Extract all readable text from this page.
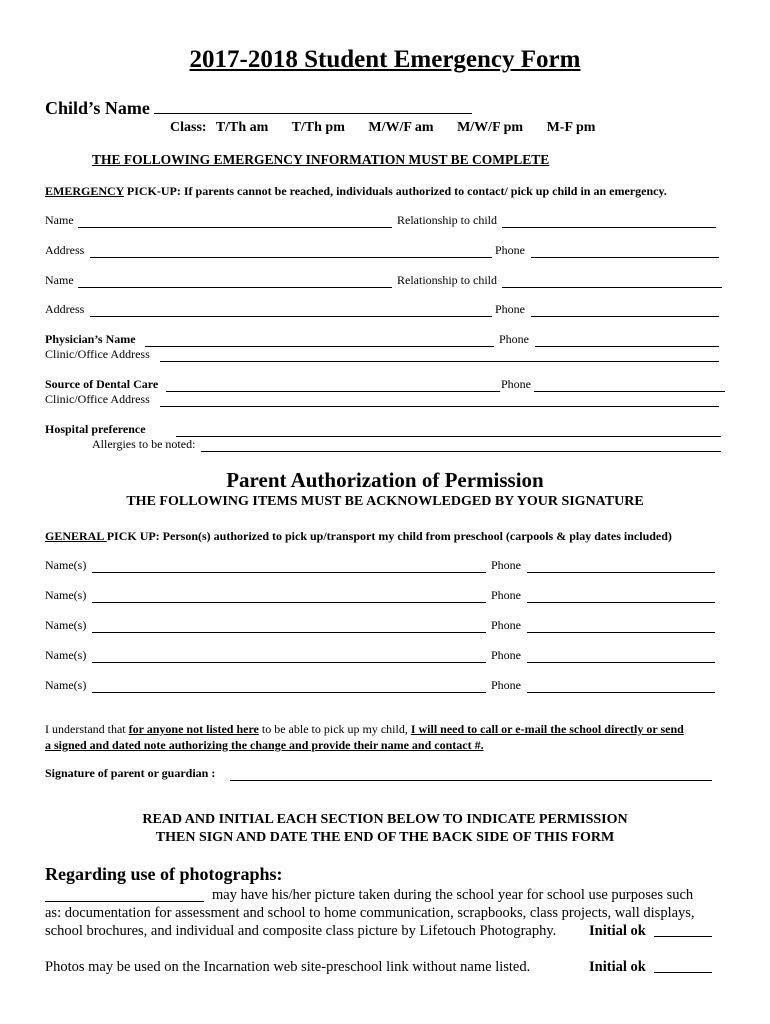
2017-2018 Student Emergency Form
Child’s Name
Class: T/Th am T/Th pm M/W/F am M/W/F pm M-F pm
THE FOLLOWING EMERGENCY INFORMATION MUST BE COMPLETE
EMERGENCY PICK-UP: If parents cannot be reached, individuals authorized to contact/ pick up child in an emergency.
Name	Relationship to child
Address	Phone
Name	Relationship to child
Address	Phone
Physician’s Name	Phone
Clinic/Office Address
Source of Dental Care	Phone
Clinic/Office Address
Hospital preference
Allergies to be noted:
Parent Authorization of Permission
THE FOLLOWING ITEMS MUST BE ACKNOWLEDGED BY YOUR SIGNATURE
GENERAL PICK UP: Person(s) authorized to pick up/transport my child from preschool (carpools & play dates included)
Name(s)	Phone
Name(s)	Phone
Name(s)	Phone
Name(s)	Phone
Name(s)	Phone
I understand that for anyone not listed here to be able to pick up my child, I will need to call or e-mail the school directly or send
a signed and dated note authorizing the change and provide their name and contact #.
Signature of parent or guardian :
READ AND INITIAL EACH SECTION BELOW TO INDICATE PERMISSION
THEN SIGN AND DATE THE END OF THE BACK SIDE OF THIS FORM
Regarding use of photographs:
may have his/her picture taken during the school year for school use purposes such
as: documentation for assessment and school to home communication, scrapbooks, class projects, wall displays,
school brochures, and individual and composite class picture by Lifetouch Photography. Initial ok
Photos may be used on the Incarnation web site-preschool link without name listed.	Initial ok
